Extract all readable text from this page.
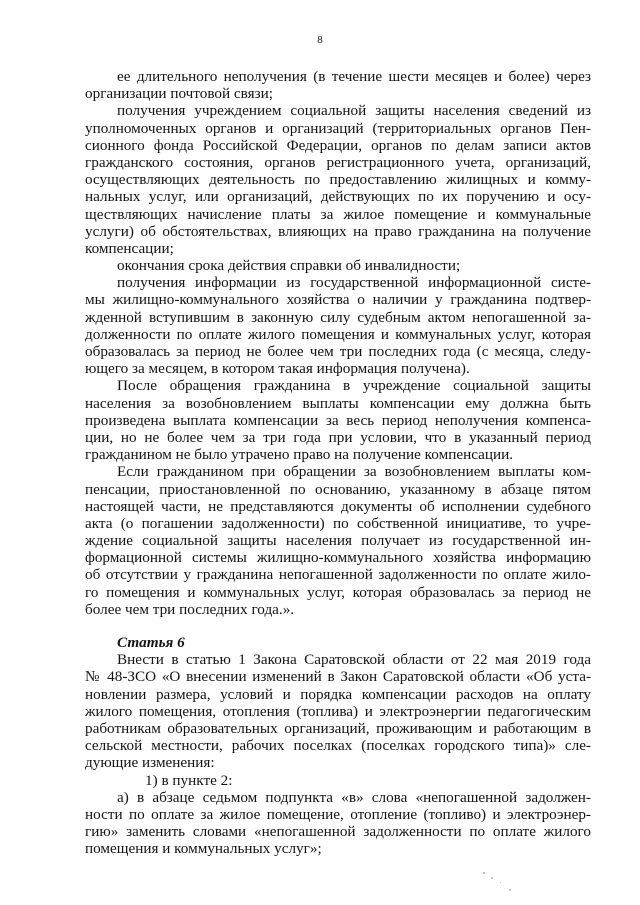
8
ее длительного неполучения (в течение шести месяцев и более) через
организации почтовой связи;
получения учреждением социальной защиты населения сведений из
уполномоченных органов и организаций (территориальных органов Пен-
сионного фонда Российской Федерации, органов по делам записи актов
гражданского состояния, органов регистрационного учета, организаций,
осуществляющих деятельность по предоставлению жилищных и комму-
нальных услуг, или организаций, действующих по их поручению и осу-
ществляющих начисление платы за жилое помещение и коммунальные
услуги) об обстоятельствах, влияющих на право гражданина на получение
компенсации;
окончания срока действия справки об инвалидности;
получения информации из государственной информационной систе-
мы жилищно-коммунального хозяйства о наличии у гражданина подтвер-
жденной вступившим в законную силу судебным актом непогашенной за-
долженности по оплате жилого помещения и коммунальных услуг, которая
образовалась за период не более чем три последних года (с месяца, следу-
ющего за месяцем, в котором такая информация получена).
После обращения гражданина в учреждение социальной защиты
населения за возобновлением выплаты компенсации ему должна быть
произведена выплата компенсации за весь период неполучения компенса-
ции, но не более чем за три года при условии, что в указанный период
гражданином не было утрачено право на получение компенсации.
Если гражданином при обращении за возобновлением выплаты ком-
пенсации, приостановленной по основанию, указанному в абзаце пятом
настоящей части, не представляются документы об исполнении судебного
акта (о погашении задолженности) по собственной инициативе, то учре-
ждение социальной защиты населения получает из государственной ин-
формационной системы жилищно-коммунального хозяйства информацию
об отсутствии у гражданина непогашенной задолженности по оплате жило-
го помещения и коммунальных услуг, которая образовалась за период не
более чем три последних года.».
Статья 6
Внести в статью 1 Закона Саратовской области от 22 мая 2019 года
№ 48-ЗСО «О внесении изменений в Закон Саратовской области «Об уста-
новлении размера, условий и порядка компенсации расходов на оплату
жилого помещения, отопления (топлива) и электроэнергии педагогическим
работникам образовательных организаций, проживающим и работающим в
сельской местности, рабочих поселках (поселках городского типа)» сле-
дующие изменения:
1) в пункте 2:
а) в абзаце седьмом подпункта «в» слова «непогашенной задолжен-
ности по оплате за жилое помещение, отопление (топливо) и электроэнер-
гию» заменить словами «непогашенной задолженности по оплате жилого
помещения и коммунальных услуг»;
